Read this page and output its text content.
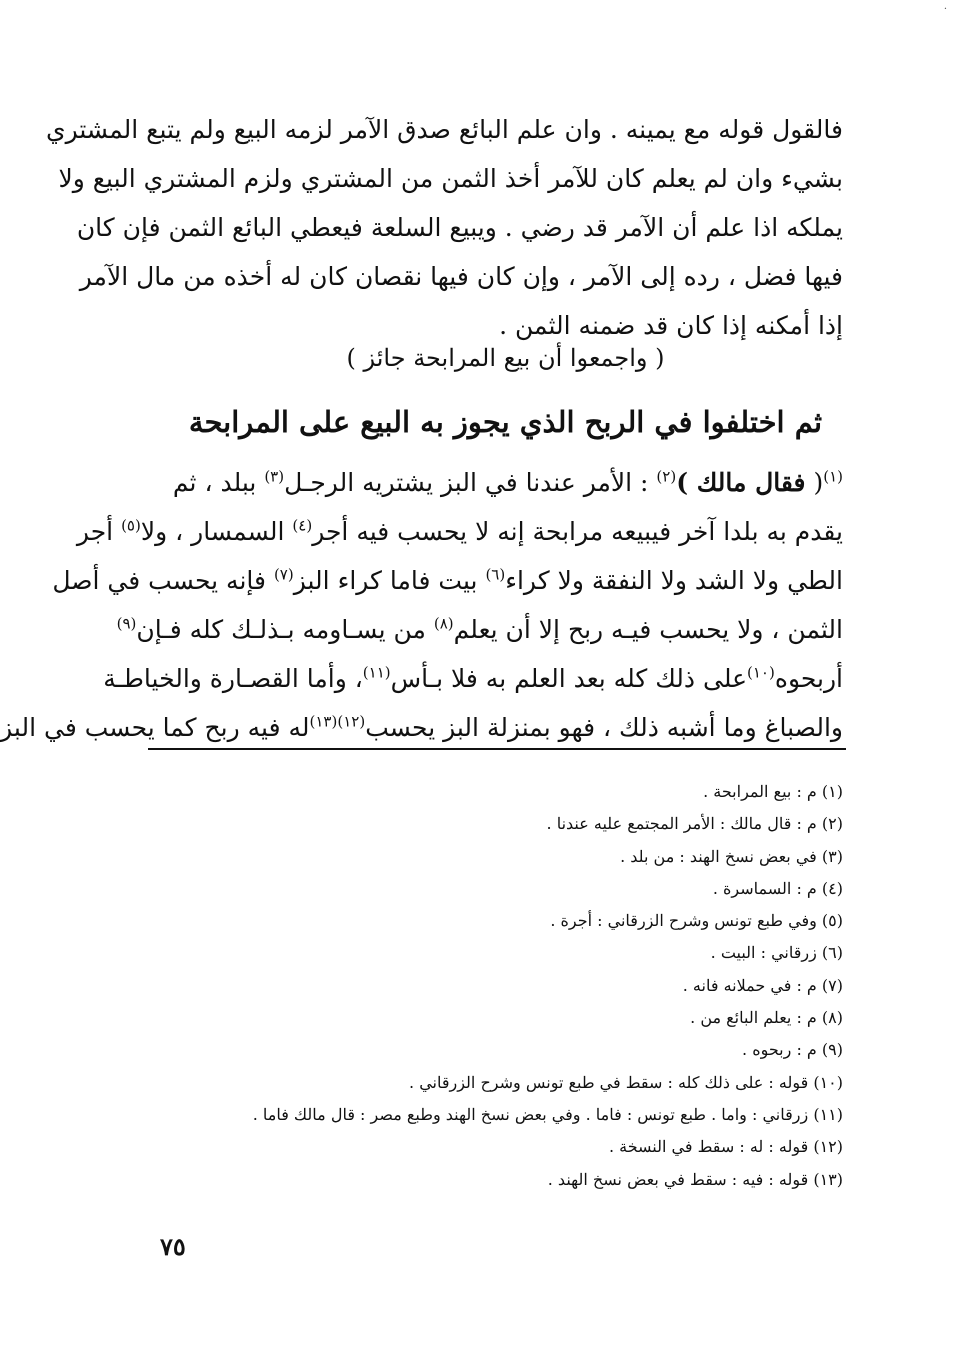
·
فالقول قوله مع يمينه . وان علم البائع صدق الآمر لزمه البيع ولم يتبع المشتري
بشيء وان لم يعلم كان للآمر أخذ الثمن من المشتري ولزم المشتري البيع ولا
يملكه اذا علم أن الآمر قد رضي . ويبيع السلعة فيعطي البائع الثمن فإن كان
فيها فضل ، رده إلى الآمر ، وإن كان فيها نقصان كان له أخذه من مال الآمر
إذا أمكنه إذا كان قد ضمنه الثمن .
( واجمعوا أن بيع المرابحة جائز )
ثم اختلفوا في الربح الذي يجوز به البيع على المرابحة
$^{(١)}$( فقال مالك )$^{(٢)}$ : الأمر عندنا في البز يشتريه الرجـل$^{(٣)}$ ببلد ، ثم
يقدم به بلدا آخر فيبيعه مرابحة إنه لا يحسب فيه أجر$^{(٤)}$ السمسار ، ولا$^{(٥)}$ أجر
الطي ولا الشد ولا النفقة ولا كراء$^{(٦)}$ بيت فاما كراء البز$^{(٧)}$ فإنه يحسب في أصل
الثمن ، ولا يحسب فيـه ربح إلا أن يعلم$^{(٨)}$ من يسـاومه بـذلـك كله فـإن$^{(٩)}$
أربحوه$^{(١٠)}$على ذلك كله بعد العلم به فلا بـأس$^{(١١)}$، وأما القصـارة والخياطـة
والصباغ وما أشبه ذلك ، فهو بمنزلة البز يحسب$^{(١٢)(١٣)}$له فيه ربح كما يحسب في البز
(١) م : بيع المرابحة .
(٢) م : قال مالك : الأمر المجتمع عليه عندنا .
(٣) في بعض نسخ الهند : من بلد .
(٤) م : السماسرة .
(٥) وفي طبع تونس وشرح الزرقاني : أجرة .
(٦) زرقاني : البيت .
(٧) م : في حملانه فانه .
(٨) م : يعلم البائع من .
(٩) م : ربحوه .
(١٠) قوله : على ذلك كله : سقط في طبع تونس وشرح الزرقاني .
(١١) زرقاني : واما . طبع تونس : فاما . وفي بعض نسخ الهند وطبع مصر : قال مالك فاما .
(١٢) قوله : له : سقط في النسخة .
(١٣) قوله : فيه : سقط في بعض نسخ الهند .
٧٥
